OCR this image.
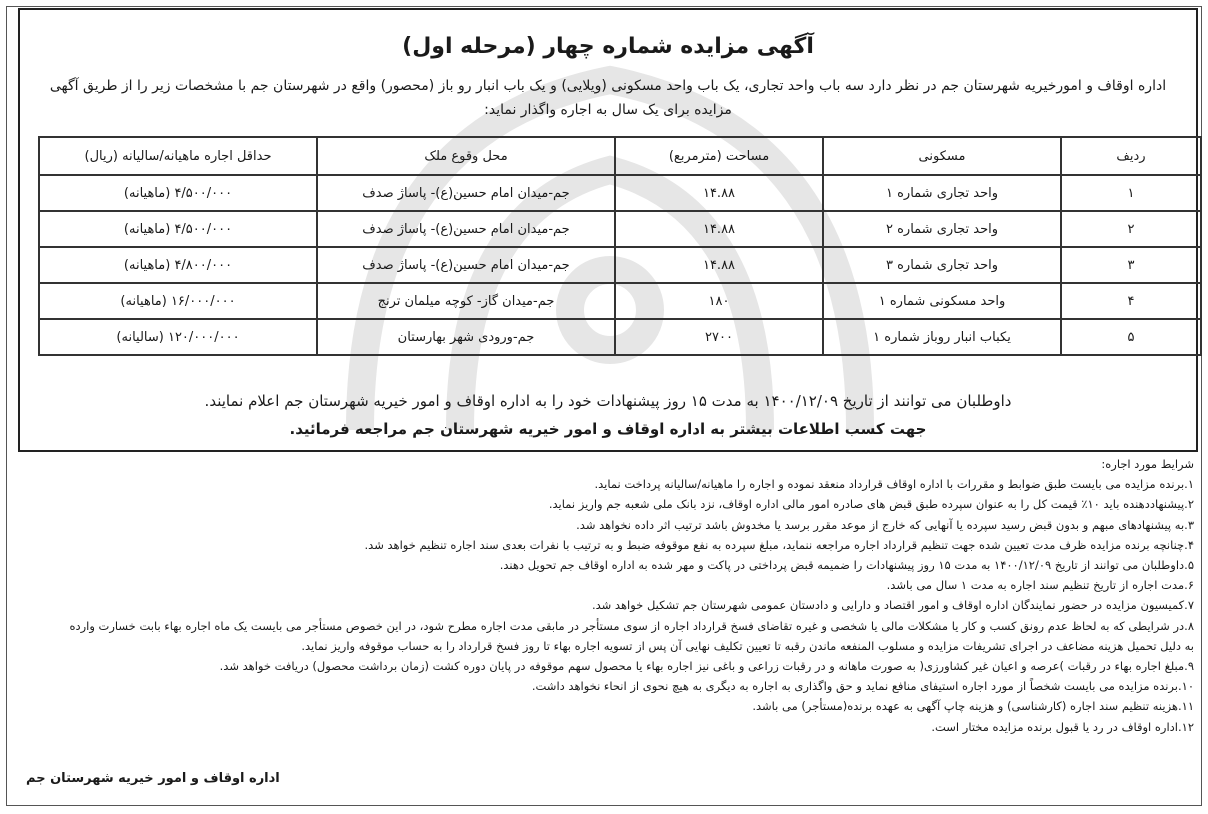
آگهی مزایده شماره چهار (مرحله اول)
اداره اوقاف و امورخیریه شهرستان جم در نظر دارد سه باب واحد تجاری، یک باب واحد مسکونی (ویلایی) و یک باب انبار رو باز (محصور) واقع در شهرستان جم با مشخصات زیر را از طریق آگهی مزایده برای یک سال به اجاره واگذار نماید:
ردیف	مسکونی	مساحت (مترمربع)	محل وقوع ملک	حداقل اجاره ماهیانه/سالیانه (ریال)
۱	واحد تجاری شماره ۱	۱۴.۸۸	جم-میدان امام حسین(ع)- پاساژ صدف	۴/۵۰۰/۰۰۰ (ماهیانه)
۲	واحد تجاری شماره ۲	۱۴.۸۸	جم-میدان امام حسین(ع)- پاساژ صدف	۴/۵۰۰/۰۰۰ (ماهیانه)
۳	واحد تجاری شماره ۳	۱۴.۸۸	جم-میدان امام حسین(ع)- پاساژ صدف	۴/۸۰۰/۰۰۰ (ماهیانه)
۴	واحد مسکونی شماره ۱	۱۸۰	جم-میدان گاز- کوچه میلمان ترنج	۱۶/۰۰۰/۰۰۰ (ماهیانه)
۵	یکباب انبار روباز شماره ۱	۲۷۰۰	جم-ورودی شهر بهارستان	۱۲۰/۰۰۰/۰۰۰ (سالیانه)
داوطلبان می توانند از تاریخ ۱۴۰۰/۱۲/۰۹ به مدت ۱۵ روز پیشنهادات خود را به اداره اوقاف و امور خیریه شهرستان جم اعلام نمایند.
جهت کسب اطلاعات بیشتر به اداره اوقاف و امور خیریه شهرستان جم مراجعه فرمائید.
شرایط مورد اجاره:
۱.برنده مزایده می بایست طبق ضوابط و مقررات با اداره اوقاف قرارداد منعقد نموده و اجاره را ماهیانه/سالیانه پرداخت نماید.
۲.پیشنهاددهنده باید ۱۰٪ قیمت کل را به عنوان سپرده طبق قبض های صادره امور مالی اداره اوقاف، نزد بانک ملی شعبه جم واریز نماید.
۳.به پیشنهادهای مبهم و بدون قبض رسید سپرده یا آنهایی که خارج از موعد مقرر برسد یا مخدوش باشد ترتیب اثر داده نخواهد شد.
۴.چنانچه برنده مزایده ظرف مدت تعیین شده جهت تنظیم قرارداد اجاره مراجعه ننماید، مبلغ سپرده به نفع موقوفه ضبط و به ترتیب با نفرات بعدی سند اجاره تنظیم خواهد شد.
۵.داوطلبان می توانند از تاریخ ۱۴۰۰/۱۲/۰۹ به مدت ۱۵ روز پیشنهادات را ضمیمه قبض پرداختی در پاکت و مهر شده به اداره اوقاف جم تحویل دهند.
۶.مدت اجاره از تاریخ تنظیم سند اجاره به مدت ۱ سال می باشد.
۷.کمیسیون مزایده در حضور نمایندگان اداره اوقاف و امور اقتصاد و دارایی و دادستان عمومی شهرستان جم تشکیل خواهد شد.
۸.در شرایطی که به لحاظ عدم رونق کسب و کار یا مشکلات مالی یا شخصی و غیره تقاضای فسخ قرارداد اجاره از سوی مستأجر در مابقی مدت اجاره مطرح شود، در این خصوص مستأجر می بایست یک ماه اجاره بهاء بابت خسارت وارده
به دلیل تحمیل هزینه مضاعف در اجرای تشریفات مزایده و مسلوب المنفعه ماندن رقبه تا تعیین تکلیف نهایی آن پس از تسویه اجاره بهاء تا روز فسخ قرارداد را به حساب موقوفه واریز نماید.
۹.مبلغ اجاره بهاء در رقبات )عرصه و اعیان غیر کشاورزی( به صورت ماهانه و در رقبات زراعی و باغی نیز اجاره بهاء یا محصول سهم موقوفه در پایان دوره کشت (زمان برداشت محصول) دریافت خواهد شد.
۱۰.برنده مزایده می بایست شخصاً از مورد اجاره استیفای منافع نماید و حق واگذاری به اجاره به دیگری به هیچ نحوی از انحاء نخواهد داشت.
۱۱.هزینه تنظیم سند اجاره (کارشناسی) و هزینه چاپ آگهی به عهده برنده(مستأجر) می باشد.
۱۲.اداره اوقاف در رد یا قبول برنده مزایده مختار است.
اداره اوقاف و امور خیریه شهرستان جم
